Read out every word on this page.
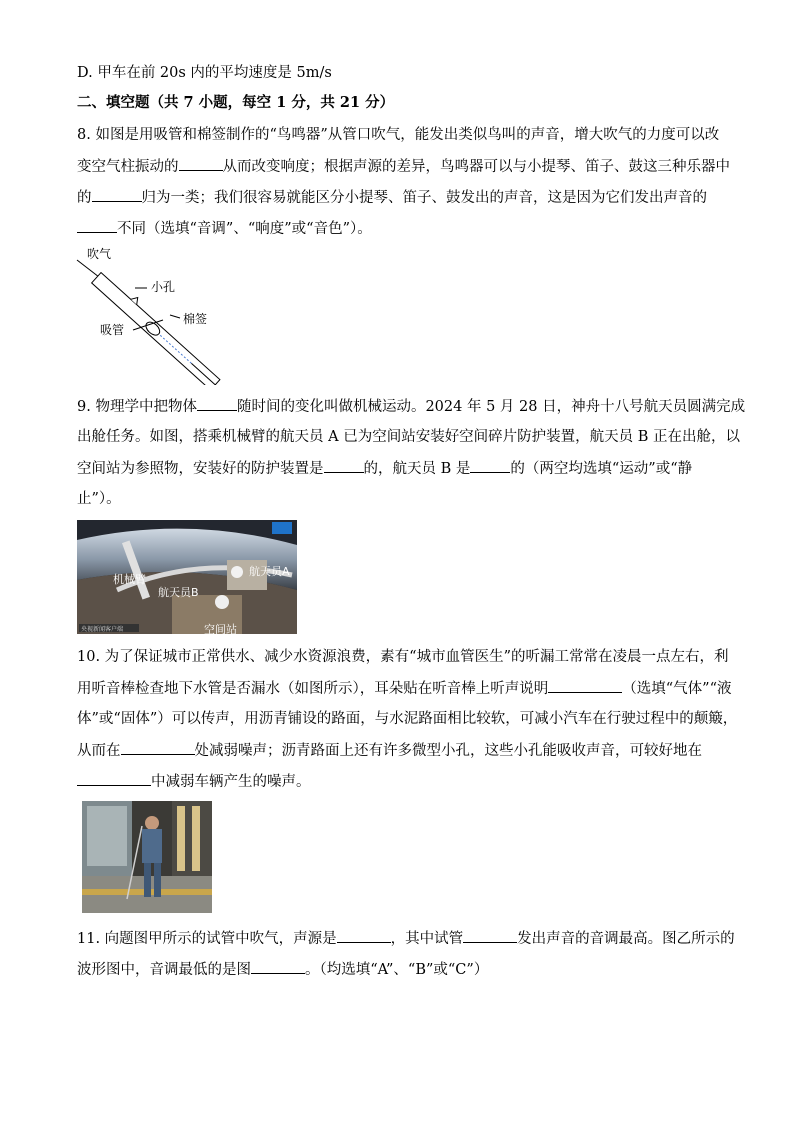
D. 甲车在前 20s 内的平均速度是 5m/s
二、填空题（共 7 小题，每空 1 分，共 21 分）
8. 如图是用吸管和棉签制作的“鸟鸣器”从管口吹气，能发出类似鸟叫的声音，增大吹气的力度可以改
变空气柱振动的	从而改变响度；根据声源的差异，鸟鸣器可以与小提琴、笛子、鼓这三种乐器中
的	归为一类；我们很容易就能区分小提琴、笛子、鼓发出的声音，这是因为它们发出声音的
不同（选填“音调”、“响度”或“音色”）。
吹气
小孔
棉签
吸管
9. 物理学中把物体	随时间的变化叫做机械运动。2024 年 5 月 28 日，神舟十八号航天员圆满完成
出舱任务。如图，搭乘机械臂的航天员 A 已为空间站安装好空间碎片防护装置，航天员 B 正在出舱，以
空间站为参照物，安装好的防护装置是	的，航天员 B 是	的（两空均选填“运动”或“静
止”）。
机械臂
航天员A
航天员B
空间站
央视新闻客户端
10. 为了保证城市正常供水、减少水资源浪费，素有“城市血管医生”的听漏工常常在凌晨一点左右，利
用听音棒检查地下水管是否漏水（如图所示），耳朵贴在听音棒上听声说明	（选填“气体”“液
体”或“固体”）可以传声，用沥青铺设的路面，与水泥路面相比较软，可减小汽车在行驶过程中的颠簸，
从而在	处减弱噪声；沥青路面上还有许多微型小孔，这些小孔能吸收声音，可较好地在
中减弱车辆产生的噪声。
11. 向题图甲所示的试管中吹气，声源是	，其中试管	发出声音的音调最高。图乙所示的
波形图中，音调最低的是图	。（均选填“A”、“B”或“C”）
